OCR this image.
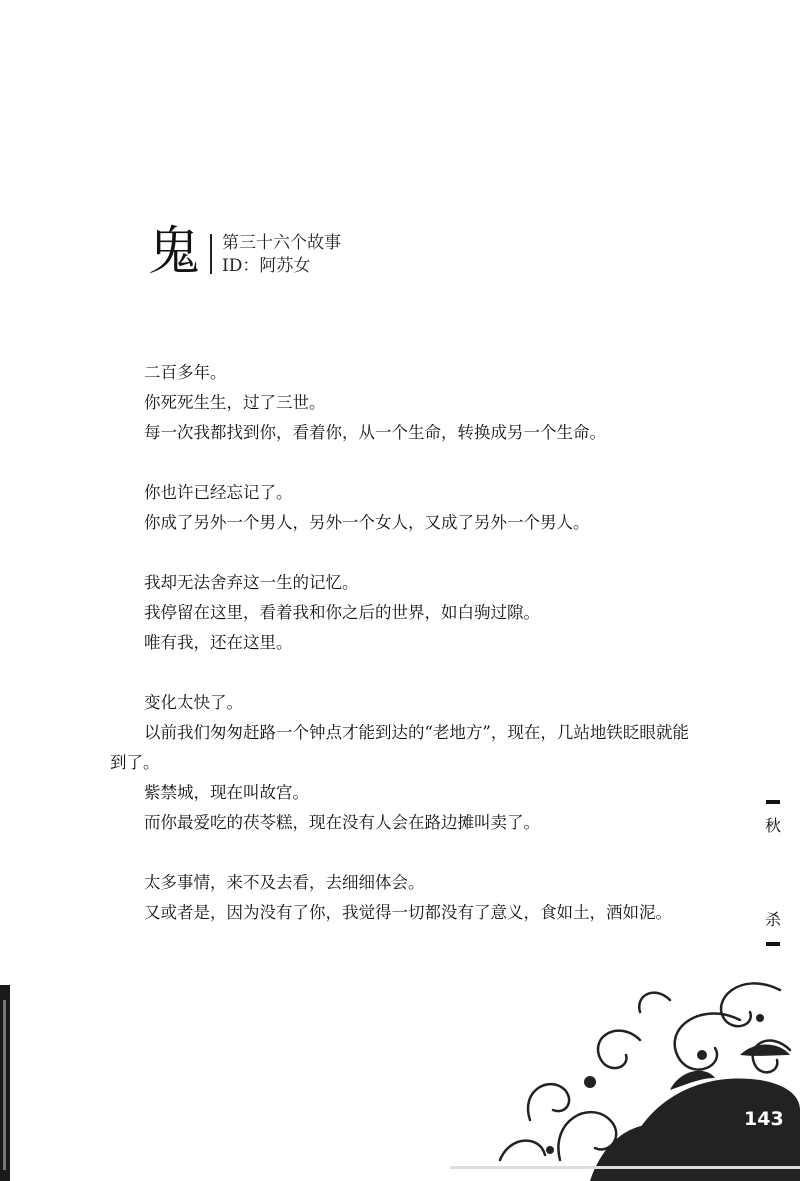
鬼 第三十六个故事
ID：阿苏女
二百多年。
你死死生生，过了三世。
每一次我都找到你，看着你，从一个生命，转换成另一个生命。
你也许已经忘记了。
你成了另外一个男人，另外一个女人，又成了另外一个男人。
我却无法舍弃这一生的记忆。
我停留在这里，看着我和你之后的世界，如白驹过隙。
唯有我，还在这里。
变化太快了。
以前我们匆匆赶路一个钟点才能到达的“老地方”，现在，几站地铁眨眼就能到了。
紫禁城，现在叫故宫。
而你最爱吃的茯苓糕，现在没有人会在路边摊叫卖了。
太多事情，来不及去看，去细细体会。
又或者是，因为没有了你，我觉得一切都没有了意义，食如土，酒如泥。
秋
杀
143
